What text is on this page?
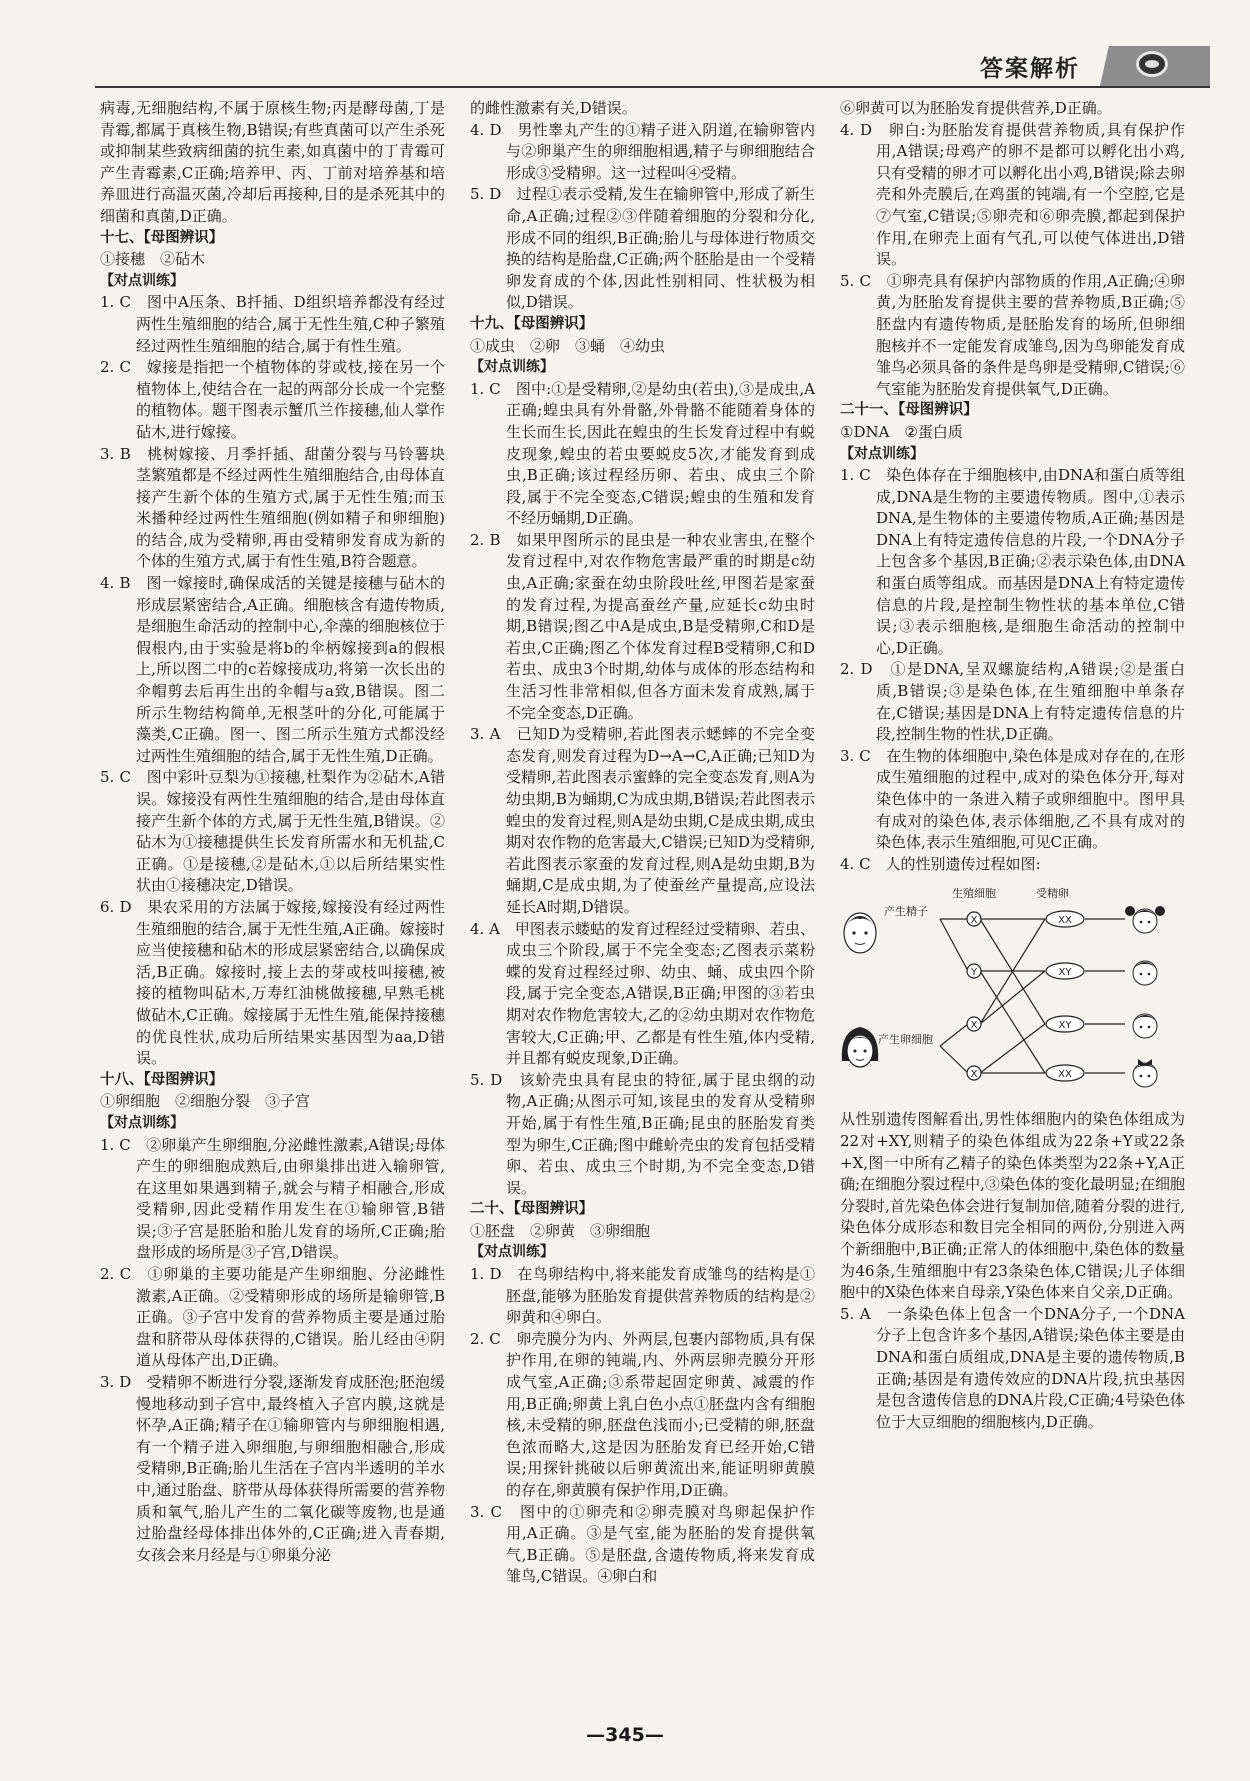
答案解析

病毒,无细胞结构,不属于原核生物;丙是酵母菌,丁是青霉,都属于真核生物,B错误;有些真菌可以产生杀死或抑制某些致病细菌的抗生素,如真菌中的丁青霉可产生青霉素,C正确;培养甲、丙、丁前对培养基和培养皿进行高温灭菌,冷却后再接种,目的是杀死其中的细菌和真菌,D正确。

十七、【母图辨识】

①接穗　②砧木

【对点训练】

1. C　图中A压条、B扦插、D组织培养都没有经过两性生殖细胞的结合,属于无性生殖,C种子繁殖经过两性生殖细胞的结合,属于有性生殖。

2. C　嫁接是指把一个植物体的芽或枝,接在另一个植物体上,使结合在一起的两部分长成一个完整的植物体。题干图表示蟹爪兰作接穗,仙人掌作砧木,进行嫁接。

3. B　桃树嫁接、月季扦插、甜菌分裂与马铃薯块茎繁殖都是不经过两性生殖细胞结合,由母体直接产生新个体的生殖方式,属于无性生殖;而玉米播种经过两性生殖细胞(例如精子和卵细胞)的结合,成为受精卵,再由受精卵发育成为新的个体的生殖方式,属于有性生殖,B符合题意。

4. B　图一嫁接时,确保成活的关键是接穗与砧木的形成层紧密结合,A正确。细胞核含有遗传物质,是细胞生命活动的控制中心,伞藻的细胞核位于假根内,由于实验是将b的伞柄嫁接到a的假根上,所以图二中的c若嫁接成功,将第一次长出的伞帽剪去后再生出的伞帽与a致,B错误。图二所示生物结构简单,无根茎叶的分化,可能属于藻类,C正确。图一、图二所示生殖方式都没经过两性生殖细胞的结合,属于无性生殖,D正确。

5. C　图中彩叶豆梨为①接穗,杜梨作为②砧木,A错误。嫁接没有两性生殖细胞的结合,是由母体直接产生新个体的方式,属于无性生殖,B错误。②砧木为①接穗提供生长发育所需水和无机盐,C正确。①是接穗,②是砧木,①以后所结果实性状由①接穗决定,D错误。

6. D　果农采用的方法属于嫁接,嫁接没有经过两性生殖细胞的结合,属于无性生殖,A正确。嫁接时应当使接穗和砧木的形成层紧密结合,以确保成活,B正确。嫁接时,接上去的芽或枝叫接穗,被接的植物叫砧木,万寿红油桃做接穗,早熟毛桃做砧木,C正确。嫁接属于无性生殖,能保持接穗的优良性状,成功后所结果实基因型为aa,D错误。

十八、【母图辨识】

①卵细胞　②细胞分裂　③子宫

【对点训练】

1. C　②卵巢产生卵细胞,分泌雌性激素,A错误;母体产生的卵细胞成熟后,由卵巢排出进入输卵管,在这里如果遇到精子,就会与精子相融合,形成受精卵,因此受精作用发生在①输卵管,B错误;③子宫是胚胎和胎儿发育的场所,C正确;胎盘形成的场所是③子宫,D错误。

2. C　①卵巢的主要功能是产生卵细胞、分泌雌性激素,A正确。②受精卵形成的场所是输卵管,B正确。③子宫中发育的营养物质主要是通过胎盘和脐带从母体获得的,C错误。胎儿经由④阴道从母体产出,D正确。

3. D　受精卵不断进行分裂,逐渐发育成胚泡;胚泡缓慢地移动到子宫中,最终植入子宫内膜,这就是怀孕,A正确;精子在①输卵管内与卵细胞相遇,有一个精子进入卵细胞,与卵细胞相融合,形成受精卵,B正确;胎儿生活在子宫内半透明的羊水中,通过胎盘、脐带从母体获得所需要的营养物质和氧气,胎儿产生的二氧化碳等废物,也是通过胎盘经母体排出体外的,C正确;进入青春期,女孩会来月经是与①卵巢分泌

的雌性激素有关,D错误。

4. D　男性睾丸产生的①精子进入阴道,在输卵管内与②卵巢产生的卵细胞相遇,精子与卵细胞结合形成③受精卵。这一过程叫④受精。

5. D　过程①表示受精,发生在输卵管中,形成了新生命,A正确;过程②③伴随着细胞的分裂和分化,形成不同的组织,B正确;胎儿与母体进行物质交换的结构是胎盘,C正确;两个胚胎是由一个受精卵发育成的个体,因此性别相同、性状极为相似,D错误。

十九、【母图辨识】

①成虫　②卵　③蛹　④幼虫

【对点训练】

1. C　图中:①是受精卵,②是幼虫(若虫),③是成虫,A正确;蝗虫具有外骨骼,外骨骼不能随着身体的生长而生长,因此在蝗虫的生长发育过程中有蜕皮现象,蝗虫的若虫要蜕皮5次,才能发育到成虫,B正确;该过程经历卵、若虫、成虫三个阶段,属于不完全变态,C错误;蝗虫的生殖和发育不经历蛹期,D正确。

2. B　如果甲图所示的昆虫是一种农业害虫,在整个发育过程中,对农作物危害最严重的时期是c幼虫,A正确;家蚕在幼虫阶段吐丝,甲图若是家蚕的发育过程,为提高蚕丝产量,应延长c幼虫时期,B错误;图乙中A是成虫,B是受精卵,C和D是若虫,C正确;图乙个体发育过程B受精卵,C和D若虫、成虫3个时期,幼体与成体的形态结构和生活习性非常相似,但各方面未发育成熟,属于不完全变态,D正确。

3. A　已知D为受精卵,若此图表示蟋蟀的不完全变态发育,则发育过程为D→A→C,A正确;已知D为受精卵,若此图表示蜜蜂的完全变态发育,则A为幼虫期,B为蛹期,C为成虫期,B错误;若此图表示蝗虫的发育过程,则A是幼虫期,C是成虫期,成虫期对农作物的危害最大,C错误;已知D为受精卵,若此图表示家蚕的发育过程,则A是幼虫期,B为蛹期,C是成虫期,为了使蚕丝产量提高,应设法延长A时期,D错误。

4. A　甲图表示蝼蛄的发育过程经过受精卵、若虫、成虫三个阶段,属于不完全变态;乙图表示菜粉蝶的发育过程经过卵、幼虫、蛹、成虫四个阶段,属于完全变态,A错误,B正确;甲图的③若虫期对农作物危害较大,乙的②幼虫期对农作物危害较大,C正确;甲、乙都是有性生殖,体内受精,并且都有蜕皮现象,D正确。

5. D　该蚧壳虫具有昆虫的特征,属于昆虫纲的动物,A正确;从图示可知,该昆虫的发育从受精卵开始,属于有性生殖,B正确;昆虫的胚胎发育类型为卵生,C正确;图中雌蚧壳虫的发育包括受精卵、若虫、成虫三个时期,为不完全变态,D错误。

二十、【母图辨识】

①胚盘　②卵黄　③卵细胞

【对点训练】

1. D　在鸟卵结构中,将来能发育成雏鸟的结构是①胚盘,能够为胚胎发育提供营养物质的结构是②卵黄和④卵白。

2. C　卵壳膜分为内、外两层,包裹内部物质,具有保护作用,在卵的钝端,内、外两层卵壳膜分开形成气室,A正确;③系带起固定卵黄、减震的作用,B正确;卵黄上乳白色小点①胚盘内含有细胞核,未受精的卵,胚盘色浅而小;已受精的卵,胚盘色浓而略大,这是因为胚胎发育已经开始,C错误;用探针挑破以后卵黄流出来,能证明卵黄膜的存在,卵黄膜有保护作用,D正确。

3. C　图中的①卵壳和②卵壳膜对鸟卵起保护作用,A正确。③是气室,能为胚胎的发育提供氧气,B正确。⑤是胚盘,含遗传物质,将来发育成雏鸟,C错误。④卵白和

⑥卵黄可以为胚胎发育提供营养,D正确。

4. D　卵白:为胚胎发育提供营养物质,具有保护作用,A错误;母鸡产的卵不是都可以孵化出小鸡,只有受精的卵才可以孵化出小鸡,B错误;除去卵壳和外壳膜后,在鸡蛋的钝端,有一个空腔,它是⑦气室,C错误;⑤卵壳和⑥卵壳膜,都起到保护作用,在卵壳上面有气孔,可以使气体进出,D错误。

5. C　①卵壳具有保护内部物质的作用,A正确;④卵黄,为胚胎发育提供主要的营养物质,B正确;⑤胚盘内有遗传物质,是胚胎发育的场所,但卵细胞核并不一定能发育成雏鸟,因为鸟卵能发育成雏鸟必须具备的条件是鸟卵是受精卵,C错误;⑥气室能为胚胎发育提供氧气,D正确。

二十一、【母图辨识】

①DNA　②蛋白质

【对点训练】

1. C　染色体存在于细胞核中,由DNA和蛋白质等组成,DNA是生物的主要遗传物质。图中,①表示DNA,是生物体的主要遗传物质,A正确;基因是DNA上有特定遗传信息的片段,一个DNA分子上包含多个基因,B正确;②表示染色体,由DNA和蛋白质等组成。而基因是DNA上有特定遗传信息的片段,是控制生物性状的基本单位,C错误;③表示细胞核,是细胞生命活动的控制中心,D正确。

2. D　①是DNA,呈双螺旋结构,A错误;②是蛋白质,B错误;③是染色体,在生殖细胞中单条存在,C错误;基因是DNA上有特定遗传信息的片段,控制生物的性状,D正确。

3. C　在生物的体细胞中,染色体是成对存在的,在形成生殖细胞的过程中,成对的染色体分开,每对染色体中的一条进入精子或卵细胞中。图甲具有成对的染色体,表示体细胞,乙不具有成对的染色体,表示生殖细胞,可见C正确。

4. C　人的性别遗传过程如图:

X
Y
X
X
XX
XY
XY
XX
生殖细胞	受精卵
产生精子
产生卵细胞

从性别遗传图解看出,男性体细胞内的染色体组成为22对+XY,则精子的染色体组成为22条+Y或22条+X,图一中所有乙精子的染色体类型为22条+Y,A正确;在细胞分裂过程中,③染色体的变化最明显;在细胞分裂时,首先染色体会进行复制加倍,随着分裂的进行,染色体分成形态和数目完全相同的两份,分别进入两个新细胞中,B正确;正常人的体细胞中,染色体的数量为46条,生殖细胞中有23条染色体,C错误;儿子体细胞中的X染色体来自母亲,Y染色体来自父亲,D正确。

5. A　一条染色体上包含一个DNA分子,一个DNA分子上包含许多个基因,A错误;染色体主要是由DNA和蛋白质组成,DNA是主要的遗传物质,B正确;基因是有遗传效应的DNA片段,抗虫基因是包含遗传信息的DNA片段,C正确;4号染色体位于大豆细胞的细胞核内,D正确。

—345—
